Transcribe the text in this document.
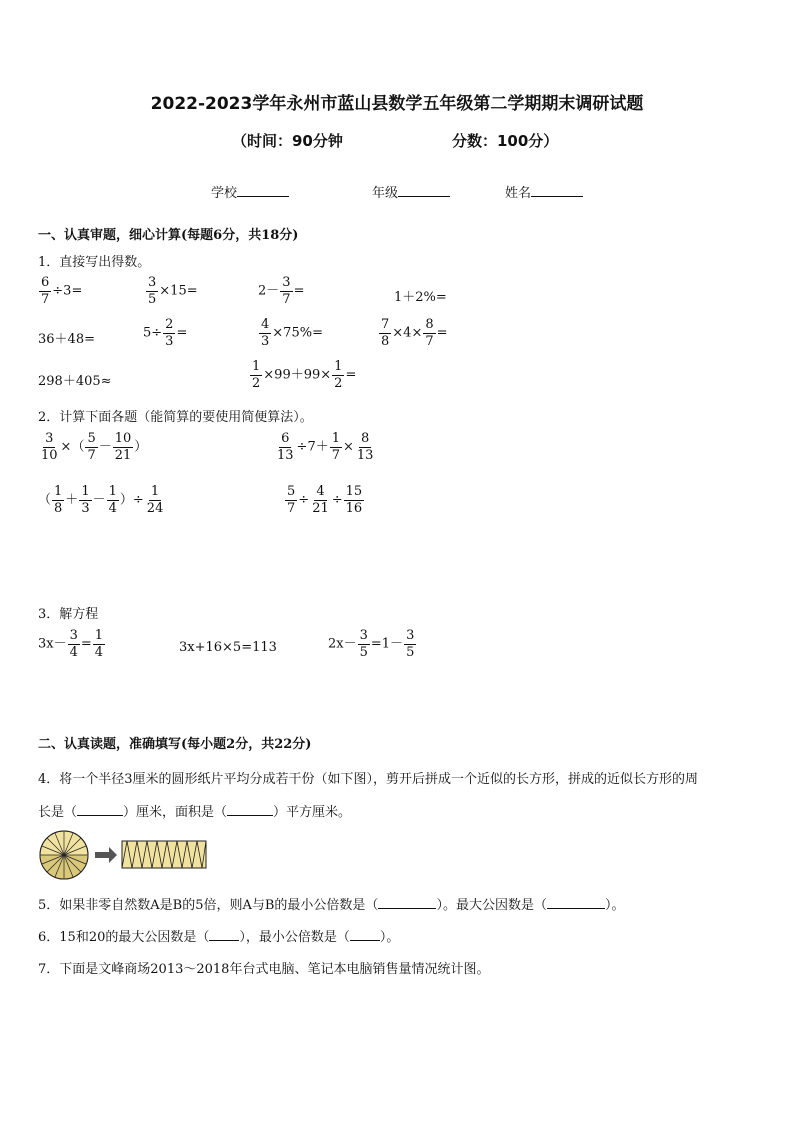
2022-2023学年永州市蓝山县数学五年级第二学期期末调研试题
（时间：90分钟	分数：100分）
学校	年级	姓名
一、认真审题，细心计算(每题6分，共18分)
1．直接写出得数。
$\frac{6}{7} \div 3=$	$\frac{3}{5} \times 15=$	$2- \frac{3}{7}$ =	1＋2%=
36＋48=	$5\div \frac{2}{3}$ =	$\frac{4}{3} \times 75\%=$	$\frac{7}{8} \times 4\times \frac{8}{7}$ =
298＋405≈	$\frac{1}{2} \times 99+99\times \frac{1}{2}$ =
2．计算下面各题（能简算的要使用简便算法）。
$\frac{3}{10}$ ×（ $\frac{5}{7} - \frac{10}{21}$ ）	$\frac{6}{13} \div 7+ \frac{1}{7} \times \frac{8}{13}$
（ $\frac{1}{8} + \frac{1}{3} - \frac{1}{4}$ ）÷ $\frac{1}{24}$	$\frac{5}{7} \div \frac{4}{21} \div \frac{15}{16}$
3．解方程
$3x- \frac{3}{4} = \frac{1}{4}$	3x+16×5=113	$2x- \frac{3}{5} =1- \frac{3}{5}$
二、认真读题，准确填写(每小题2分，共22分)
4．将一个半径3厘米的圆形纸片平均分成若干份（如下图），剪开后拼成一个近似的长方形，拼成的近似长方形的周
长是（	）厘米，面积是（	）平方厘米。
5．如果非零自然数A是B的5倍，则A与B的最小公倍数是（	）。最大公因数是（	）。
6．15和20的最大公因数是（ ），最小公倍数是（ ）。
7．下面是文峰商场2013～2018年台式电脑、笔记本电脑销售量情况统计图。
